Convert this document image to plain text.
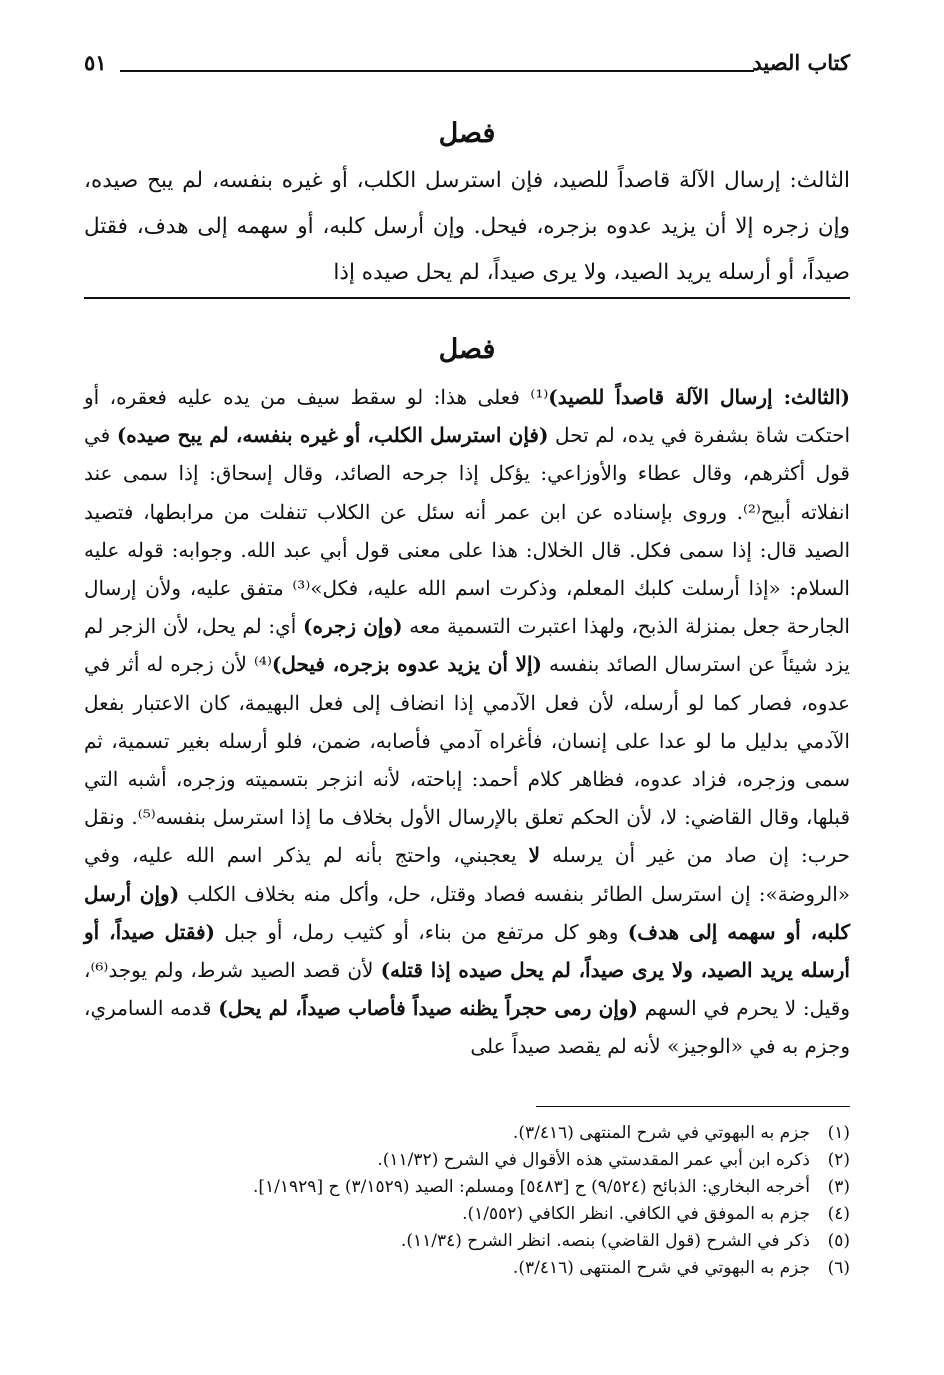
كتاب الصيد
٥١
فصل

الثالث: إرسال الآلة قاصداً للصيد، فإن استرسل الكلب، أو غيره بنفسه، لم يبح صيده، وإن زجره إلا أن يزيد عدوه بزجره، فيحل. وإن أرسل كلبه، أو سهمه إلى هدف، فقتل صيداً، أو أرسله يريد الصيد، ولا يرى صيداً، لم يحل صيده إذا

فصل

(الثالث: إرسال الآلة قاصداً للصيد)⁽¹⁾ فعلى هذا: لو سقط سيف من يده عليه فعقره، أو احتكت شاة بشفرة في يده، لم تحل (فإن استرسل الكلب، أو غيره بنفسه، لم يبح صيده) في قول أكثرهم، وقال عطاء والأوزاعي: يؤكل إذا جرحه الصائد، وقال إسحاق: إذا سمى عند انفلاته أبيح⁽²⁾. وروى بإسناده عن ابن عمر أنه سئل عن الكلاب تنفلت من مرابطها، فتصيد الصيد قال: إذا سمى فكل. قال الخلال: هذا على معنى قول أبي عبد الله. وجوابه: قوله عليه السلام: «إذا أرسلت كلبك المعلم، وذكرت اسم الله عليه، فكل»⁽³⁾ متفق عليه، ولأن إرسال الجارحة جعل بمنزلة الذبح، ولهذا اعتبرت التسمية معه (وإن زجره) أي: لم يحل، لأن الزجر لم يزد شيئاً عن استرسال الصائد بنفسه (إلا أن يزيد عدوه بزجره، فيحل)⁽⁴⁾ لأن زجره له أثر في عدوه، فصار كما لو أرسله، لأن فعل الآدمي إذا انضاف إلى فعل البهيمة، كان الاعتبار بفعل الآدمي بدليل ما لو عدا على إنسان، فأغراه آدمي فأصابه، ضمن، فلو أرسله بغير تسمية، ثم سمى وزجره، فزاد عدوه، فظاهر كلام أحمد: إباحته، لأنه انزجر بتسميته وزجره، أشبه التي قبلها، وقال القاضي: لا، لأن الحكم تعلق بالإرسال الأول بخلاف ما إذا استرسل بنفسه⁽⁵⁾. ونقل حرب: إن صاد من غير أن يرسله لا يعجبني، واحتج بأنه لم يذكر اسم الله عليه، وفي «الروضة»: إن استرسل الطائر بنفسه فصاد وقتل، حل، وأكل منه بخلاف الكلب (وإن أرسل كلبه، أو سهمه إلى هدف) وهو كل مرتفع من بناء، أو كثيب رمل، أو جبل (فقتل صيداً، أو أرسله يريد الصيد، ولا يرى صيداً، لم يحل صيده إذا قتله) لأن قصد الصيد شرط، ولم يوجد⁽⁶⁾، وقيل: لا يحرم في السهم (وإن رمى حجراً يظنه صيداً فأصاب صيداً، لم يحل) قدمه السامري، وجزم به في «الوجيز» لأنه لم يقصد صيداً على

(١)جزم به البهوتي في شرح المنتهى (٣/٤١٦).

(٢)ذكره ابن أبي عمر المقدستي هذه الأقوال في الشرح (١١/٣٢).

(٣)أخرجه البخاري: الذبائح (٩/٥٢٤) ح [٥٤٨٣] ومسلم: الصيد (٣/١٥٢٩) ح [١/١٩٢٩].

(٤)جزم به الموفق في الكافي. انظر الكافي (١/٥٥٢).

(٥)ذكر في الشرح (قول القاضي) بنصه. انظر الشرح (١١/٣٤).

(٦)جزم به البهوتي في شرح المنتهى (٣/٤١٦).
